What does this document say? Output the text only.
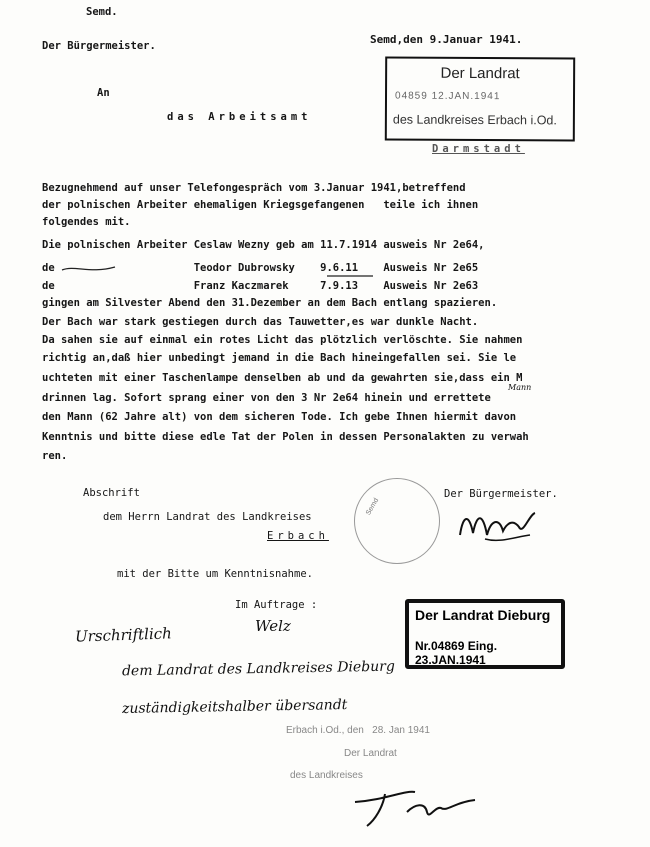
Semd.
Der Bürgermeister.	Semd,den 9.Januar 1941.
An
das Arbeitsamt
Darmstadt
Der Landrat
04859 12.JAN.1941
des Landkreises Erbach i.Od.
Bezugnehmend auf unser Telefongespräch vom 3.Januar 1941,betreffend
der polnischen Arbeiter ehemaligen Kriegsgefangenen   teile ich ihnen
folgendes mit.
Die polnischen Arbeiter Ceslaw Wezny geb am 11.7.1914 ausweis Nr 2e64,
de                      Teodor Dubrowsky    9.6.11    Ausweis Nr 2e65
de                      Franz Kaczmarek     7.9.13    Ausweis Nr 2e63
gingen am Silvester Abend den 31.Dezember an dem Bach entlang spazieren.
Der Bach war stark gestiegen durch das Tauwetter,es war dunkle Nacht.
Da sahen sie auf einmal ein rotes Licht das plötzlich verlöschte. Sie nahmen
richtig an,daß hier unbedingt jemand in die Bach hineingefallen sei. Sie le
uchteten mit einer Taschenlampe denselben ab und da gewahrten sie,dass ein M
drinnen lag. Sofort sprang einer von den 3 Nr 2e64 hinein und errettete
den Mann (62 Jahre alt) von dem sicheren Tode. Ich gebe Ihnen hiermit davon
Kenntnis und bitte diese edle Tat der Polen in dessen Personalakten zu verwah
ren.
Mann
Abschrift
dem Herrn Landrat des Landkreises
Erbach
mit der Bitte um Kenntnisnahme.
Im Auftrage :
Welz
Der Bürgermeister.
Semd
Der Landrat Dieburg
Nr.04869 Eing. 23.JAN.1941
Urschriftlich
dem Landrat des Landkreises Dieburg
zuständigkeitshalber übersandt
Erbach i.Od., den   28. Jan 1941
Der Landrat
des Landkreises
